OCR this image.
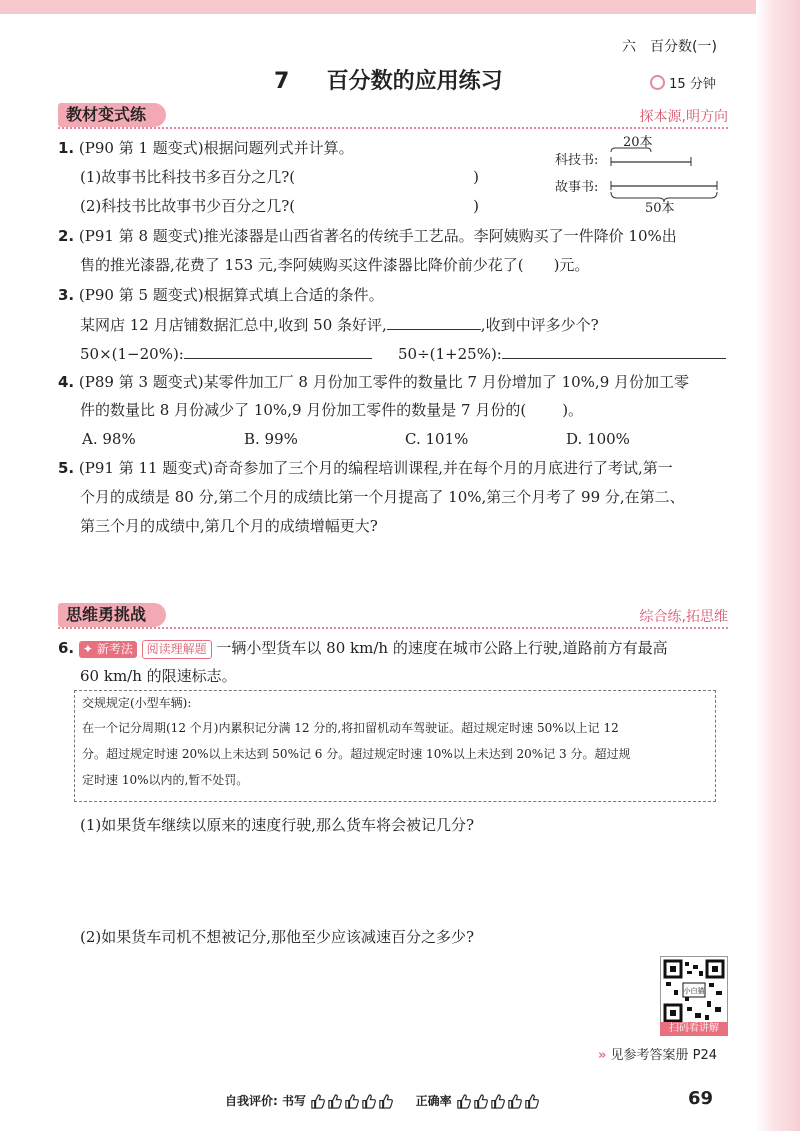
六　百分数(一)
7 百分数的应用练习	15 分钟
教材变式练	探本源,明方向
1. (P90 第 1 题变式)根据问题列式并计算。
(1)故事书比科技书多百分之几?(	)
(2)科技书比故事书少百分之几?(	)
20本
科技书:
故事书:
50本
2. (P91 第 8 题变式)推光漆器是山西省著名的传统手工艺品。李阿姨购买了一件降价 10%出
售的推光漆器,花费了 153 元,李阿姨购买这件漆器比降价前少花了( )元。
3. (P90 第 5 题变式)根据算式填上合适的条件。
某网店 12 月店铺数据汇总中,收到 50 条好评,	,收到中评多少个?
50×(1−20%):	50÷(1+25%):
4. (P89 第 3 题变式)某零件加工厂 8 月份加工零件的数量比 7 月份增加了 10%,9 月份加工零
件的数量比 8 月份减少了 10%,9 月份加工零件的数量是 7 月份的( )。
A. 98%	B. 99%	C. 101%	D. 100%
5. (P91 第 11 题变式)奇奇参加了三个月的编程培训课程,并在每个月的月底进行了考试,第一
个月的成绩是 80 分,第二个月的成绩比第一个月提高了 10%,第三个月考了 99 分,在第二、
第三个月的成绩中,第几个月的成绩增幅更大?
思维勇挑战	综合练,拓思维
6. ✦ 新考法 阅读理解题 一辆小型货车以 80 km/h 的速度在城市公路上行驶,道路前方有最高
60 km/h 的限速标志。
交规规定(小型车辆):
在一个记分周期(12 个月)内累积记分满 12 分的,将扣留机动车驾驶证。超过规定时速 50%以上记 12
分。超过规定时速 20%以上未达到 50%记 6 分。超过规定时速 10%以上未达到 20%记 3 分。超过规
定时速 10%以内的,暂不处罚。
(1)如果货车继续以原来的速度行驶,那么货车将会被记几分?
(2)如果货车司机不想被记分,那他至少应该减速百分之多少?
小白猫
扫码看讲解
» 见参考答案册 P24
自我评价: 书写	正确率	69
